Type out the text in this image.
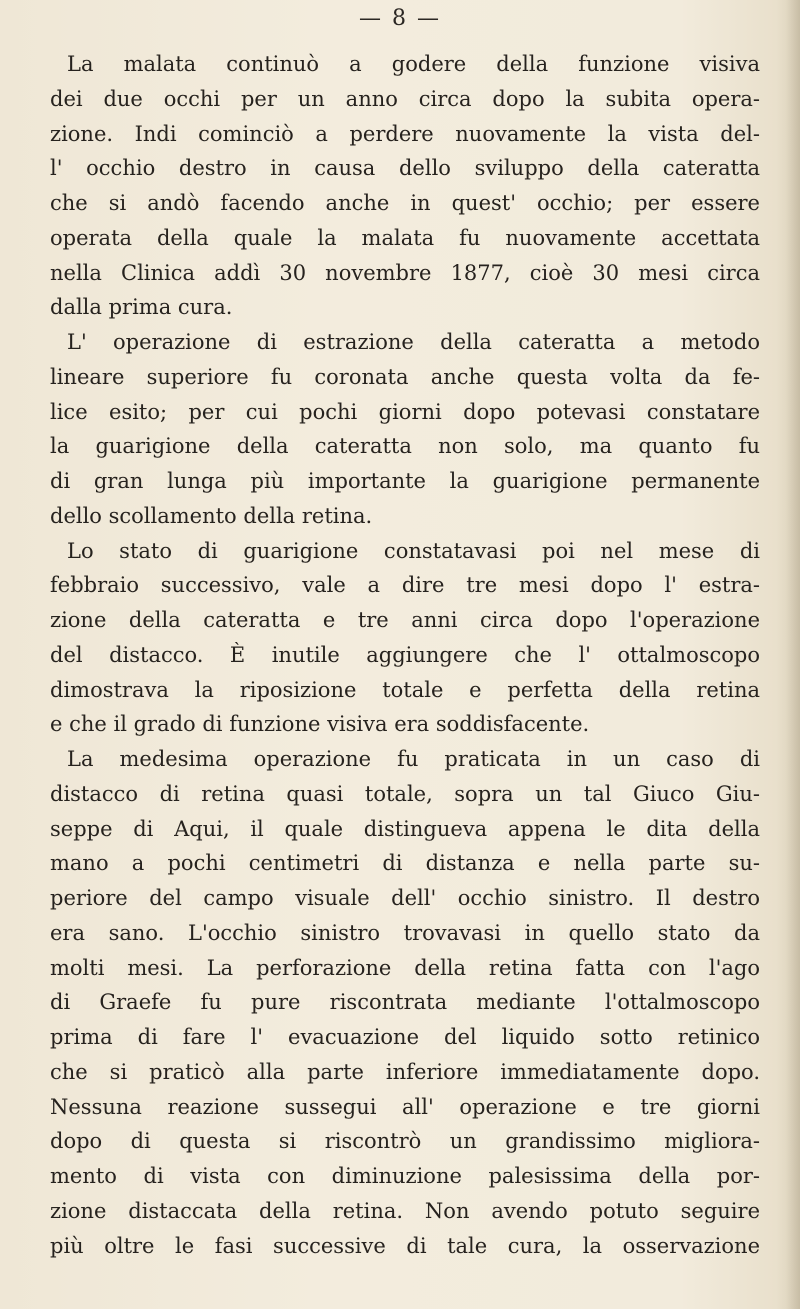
— 8 —
La malata continuò a godere della funzione visiva
dei due occhi per un anno circa dopo la subita opera-
zione. Indi cominciò a perdere nuovamente la vista del-
l' occhio destro in causa dello sviluppo della cateratta
che si andò facendo anche in quest' occhio; per essere
operata della quale la malata fu nuovamente accettata
nella Clinica addì 30 novembre 1877, cioè 30 mesi circa
dalla prima cura.
L' operazione di estrazione della cateratta a metodo
lineare superiore fu coronata anche questa volta da fe-
lice esito; per cui pochi giorni dopo potevasi constatare
la guarigione della cateratta non solo, ma quanto fu
di gran lunga più importante la guarigione permanente
dello scollamento della retina.
Lo stato di guarigione constatavasi poi nel mese di
febbraio successivo, vale a dire tre mesi dopo l' estra-
zione della cateratta e tre anni circa dopo l'operazione
del distacco. È inutile aggiungere che l' ottalmoscopo
dimostrava la riposizione totale e perfetta della retina
e che il grado di funzione visiva era soddisfacente.
La medesima operazione fu praticata in un caso di
distacco di retina quasi totale, sopra un tal Giuco Giu-
seppe di Aqui, il quale distingueva appena le dita della
mano a pochi centimetri di distanza e nella parte su-
periore del campo visuale dell' occhio sinistro. Il destro
era sano. L'occhio sinistro trovavasi in quello stato da
molti mesi. La perforazione della retina fatta con l'ago
di Graefe fu pure riscontrata mediante l'ottalmoscopo
prima di fare l' evacuazione del liquido sotto retinico
che si praticò alla parte inferiore immediatamente dopo.
Nessuna reazione sussegui all' operazione e tre giorni
dopo di questa si riscontrò un grandissimo migliora-
mento di vista con diminuzione palesissima della por-
zione distaccata della retina. Non avendo potuto seguire
più oltre le fasi successive di tale cura, la osservazione
